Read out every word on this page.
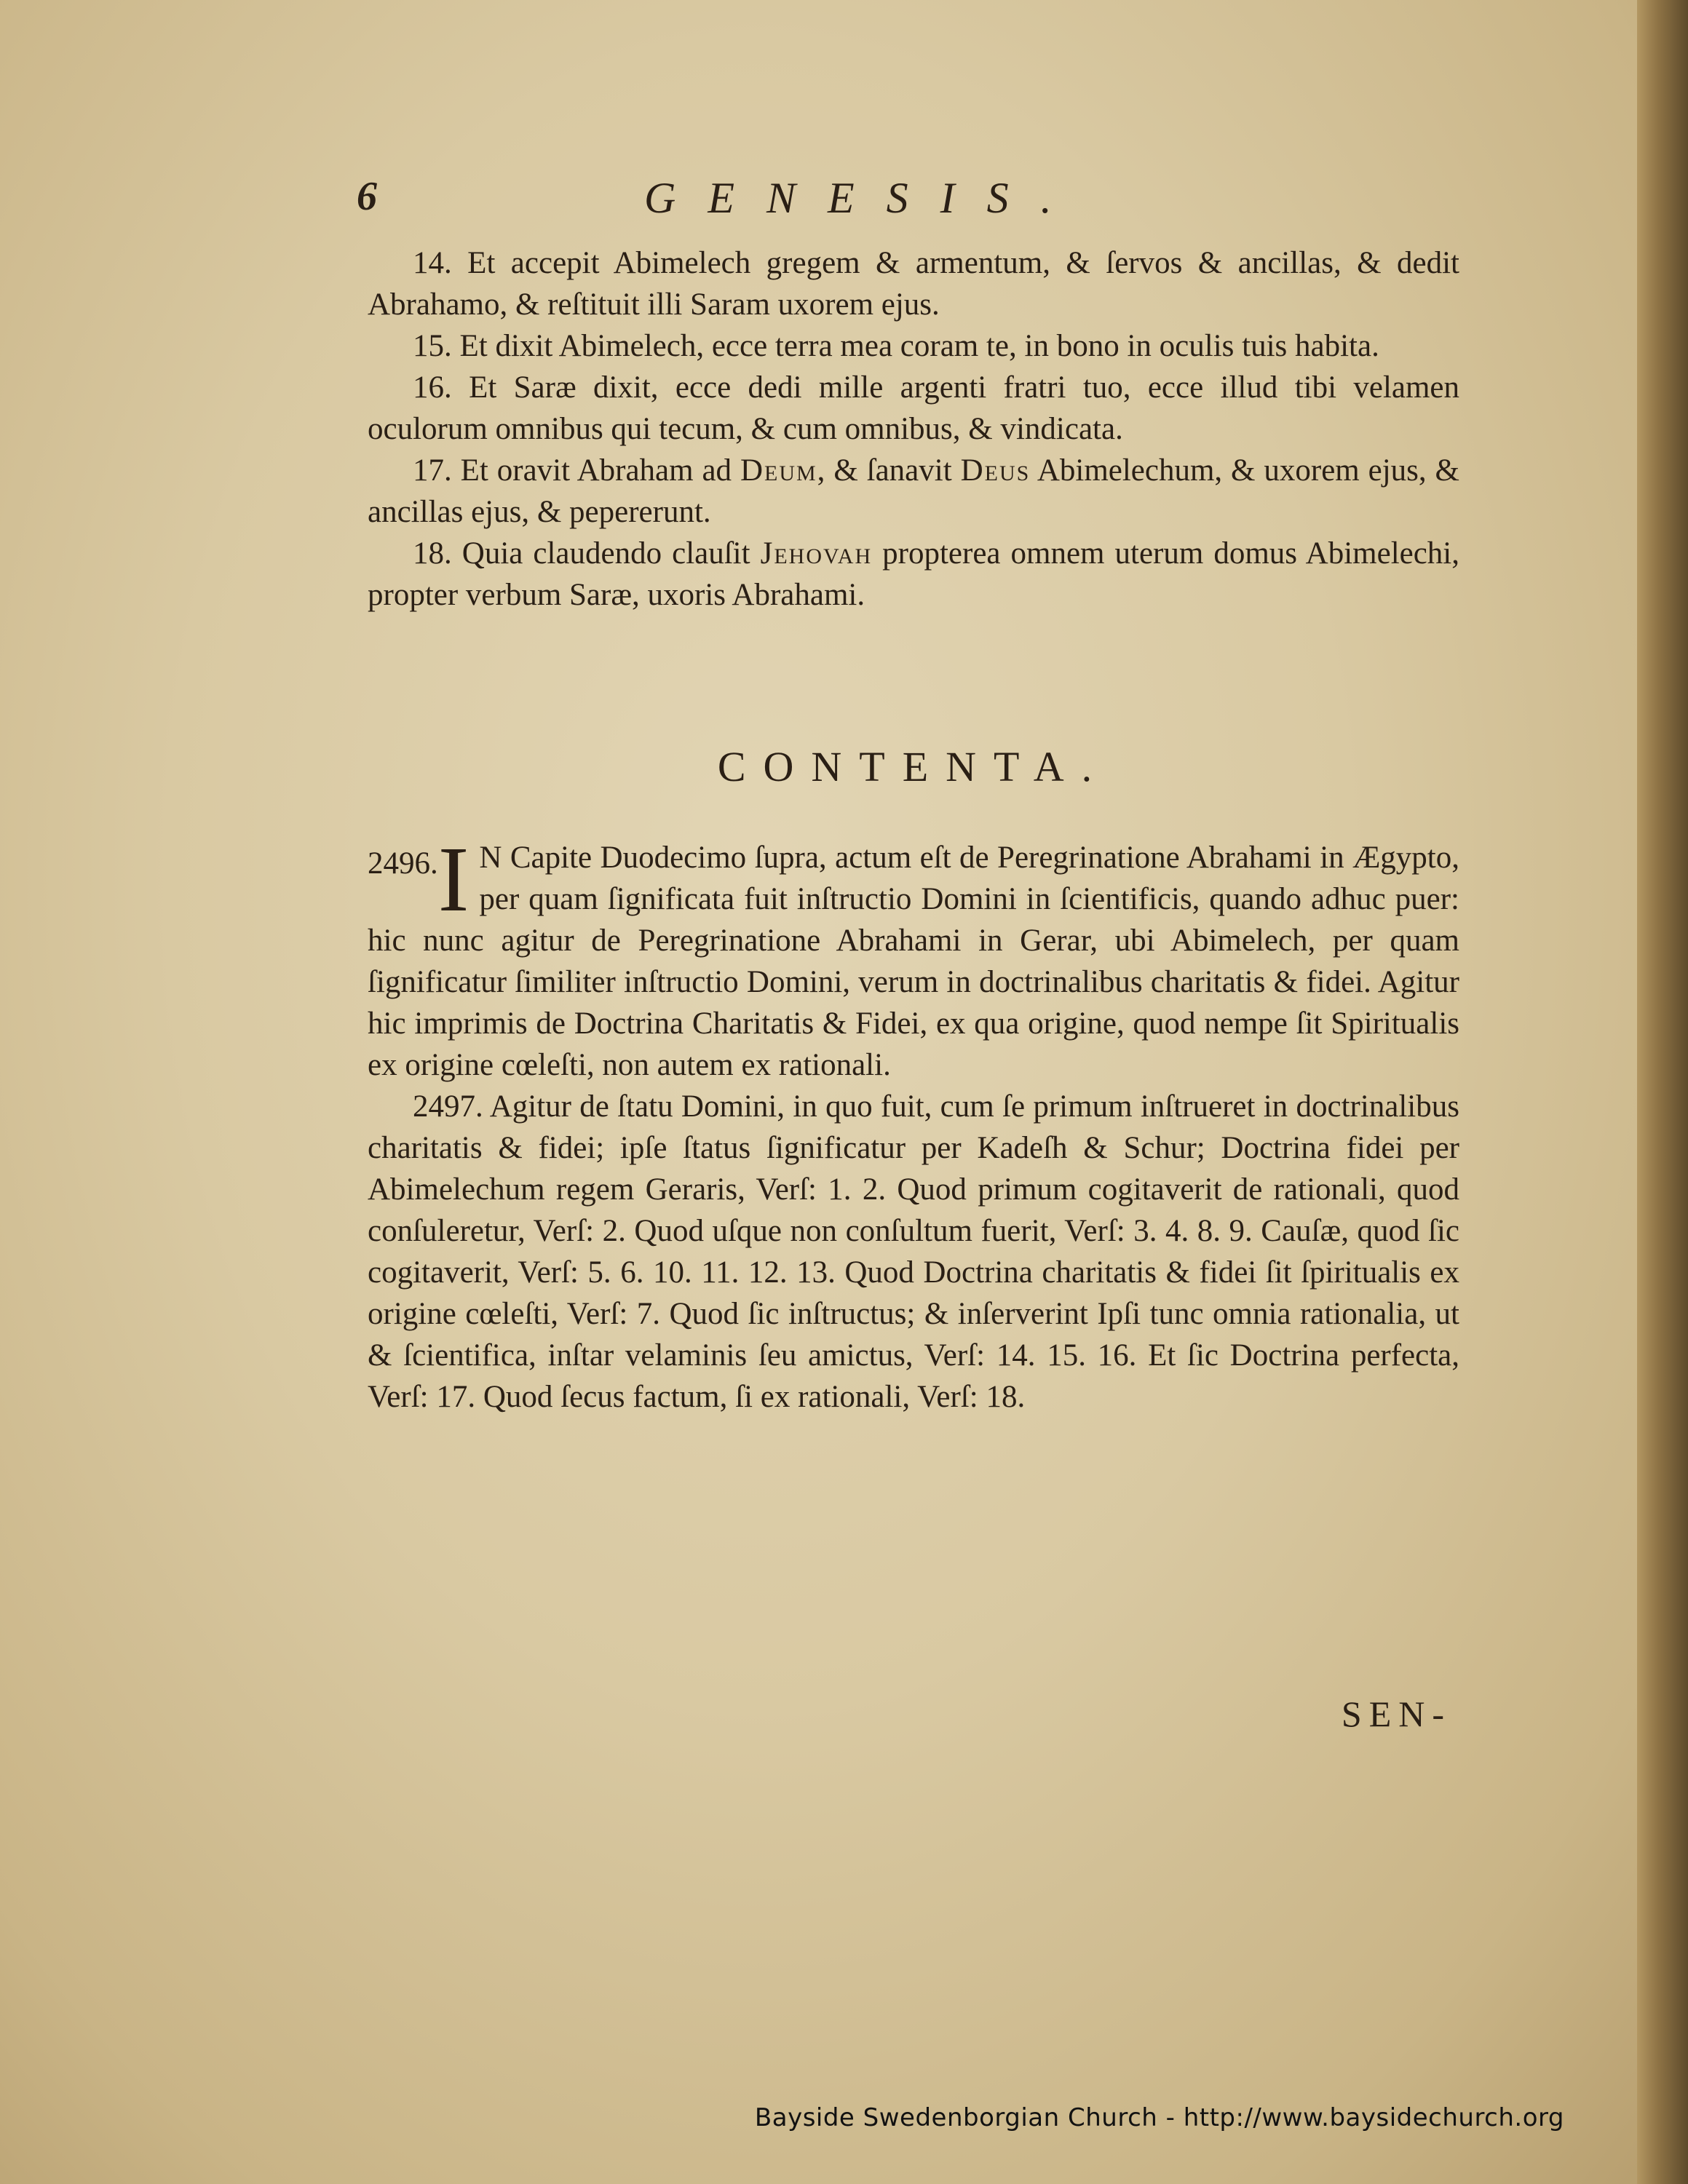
6	GENESIS.

14. Et accepit Abimelech gregem & armentum, & ſervos & ancillas, & dedit Abrahamo, & reſtituit illi Saram uxorem ejus.

15. Et dixit Abimelech, ecce terra mea coram te, in bono in oculis tuis habita.

16. Et Saræ dixit, ecce dedi mille argenti fratri tuo, ecce illud tibi velamen oculorum omnibus qui tecum, & cum omnibus, & vindicata.

17. Et oravit Abraham ad Deum, & ſanavit Deus Abimelechum, & uxorem ejus, & ancillas ejus, & pepererunt.

18. Quia claudendo clauſit Jehovah propterea omnem uterum domus Abimelechi, propter verbum Saræ, uxoris Abrahami.

CONTENTA.

2496. I N Capite Duodecimo ſupra, actum eſt de Peregrinatione Abrahami in Ægypto, per quam ſignificata fuit inſtructio Domini in ſcientificis, quando adhuc puer: hic nunc agitur de Peregrinatione Abrahami in Gerar, ubi Abimelech, per quam ſignificatur ſimiliter inſtructio Domini, verum in doctrinalibus charitatis & fidei. Agitur hic imprimis de Doctrina Charitatis & Fidei, ex qua origine, quod nempe ſit Spiritualis ex origine cœleſti, non autem ex rationali.

2497. Agitur de ſtatu Domini, in quo fuit, cum ſe primum inſtrueret in doctrinalibus charitatis & fidei; ipſe ſtatus ſignificatur per Kadeſh & Schur; Doctrina fidei per Abimelechum regem Geraris, Verſ: 1. 2. Quod primum cogitaverit de rationali, quod conſuleretur, Verſ: 2. Quod uſque non conſultum fuerit, Verſ: 3. 4. 8. 9. Cauſæ, quod ſic cogitaverit, Verſ: 5. 6. 10. 11. 12. 13. Quod Doctrina charitatis & fidei ſit ſpiritualis ex origine cœleſti, Verſ: 7. Quod ſic inſtructus; & inſerverint Ipſi tunc omnia rationalia, ut & ſcientifica, inſtar velaminis ſeu amictus, Verſ: 14. 15. 16. Et ſic Doctrina perfecta, Verſ: 17. Quod ſecus factum, ſi ex rationali, Verſ: 18.

SEN-
Bayside Swedenborgian Church - http://www.baysidechurch.org
